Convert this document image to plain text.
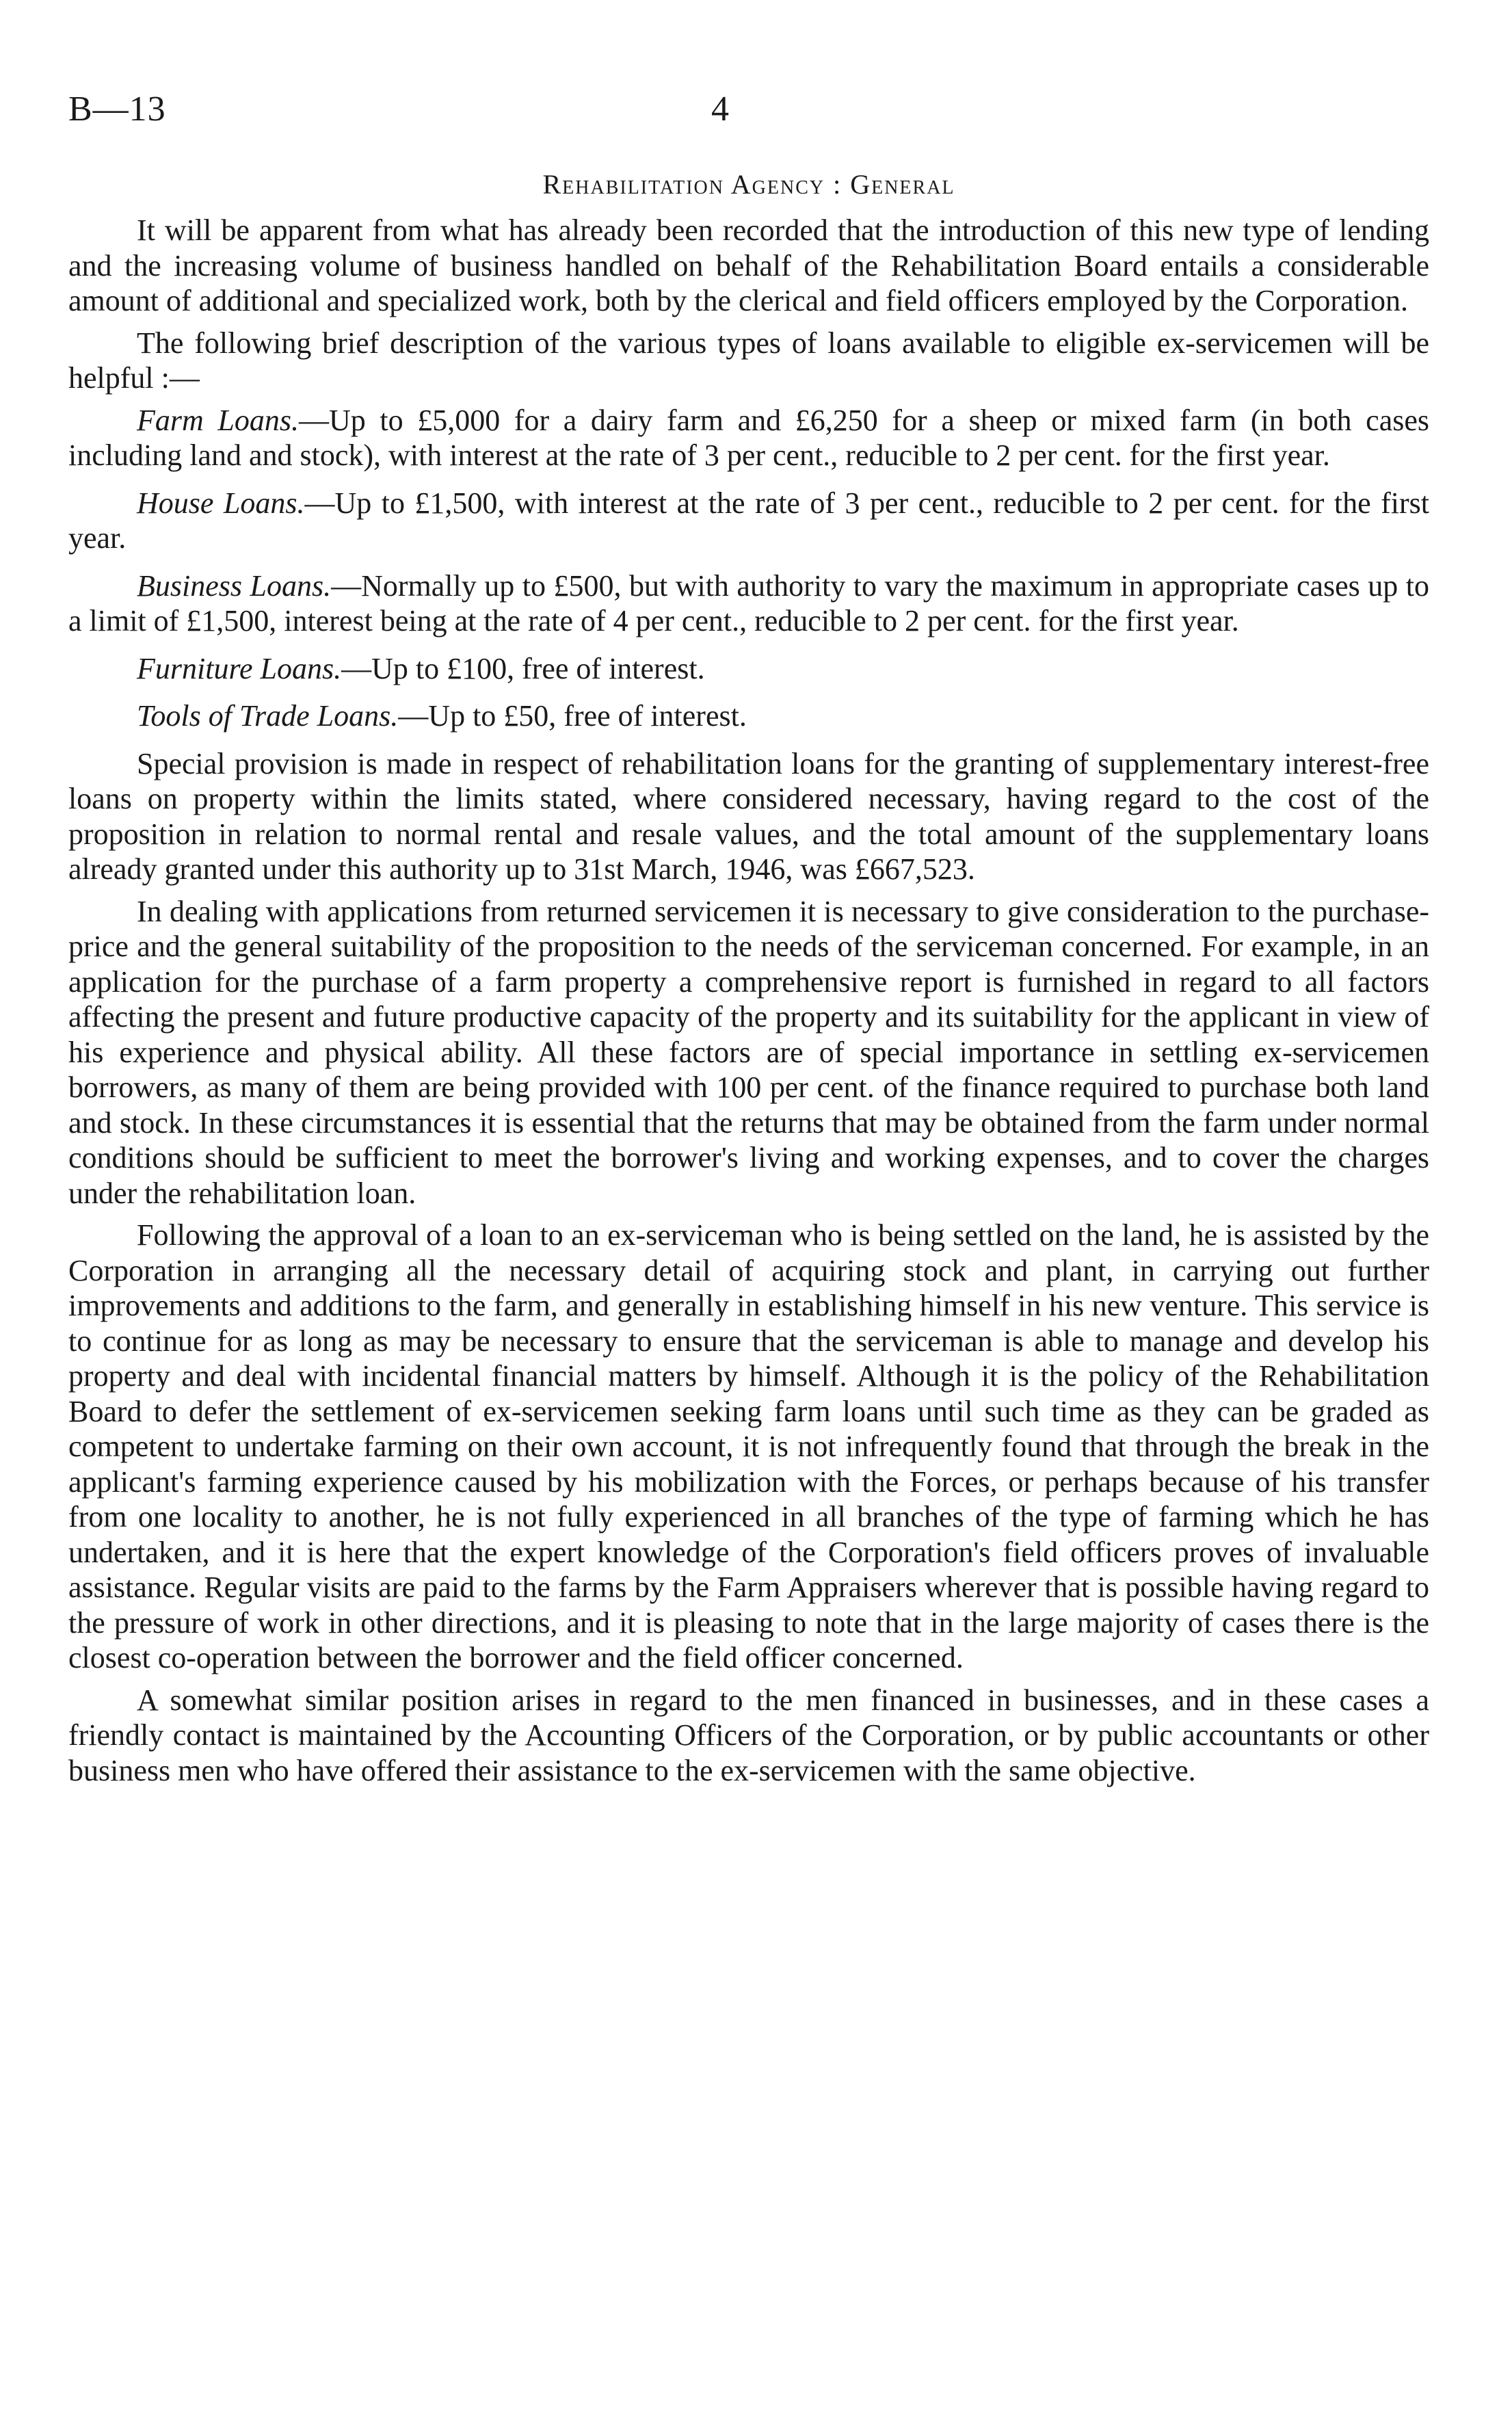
B—13	4
Rehabilitation Agency : General

It will be apparent from what has already been recorded that the introduction of this new type of lending and the increasing volume of business handled on behalf of the Rehabilitation Board entails a considerable amount of additional and specialized work, both by the clerical and field officers employed by the Corporation.

The following brief description of the various types of loans available to eligible ex-servicemen will be helpful :—

Farm Loans.—Up to £5,000 for a dairy farm and £6,250 for a sheep or mixed farm (in both cases including land and stock), with interest at the rate of 3 per cent., reducible to 2 per cent. for the first year.

House Loans.—Up to £1,500, with interest at the rate of 3 per cent., reducible to 2 per cent. for the first year.

Business Loans.—Normally up to £500, but with authority to vary the maximum in appropriate cases up to a limit of £1,500, interest being at the rate of 4 per cent., reducible to 2 per cent. for the first year.

Furniture Loans.—Up to £100, free of interest.

Tools of Trade Loans.—Up to £50, free of interest.

Special provision is made in respect of rehabilitation loans for the granting of supplementary interest-free loans on property within the limits stated, where considered necessary, having regard to the cost of the proposition in relation to normal rental and resale values, and the total amount of the supplementary loans already granted under this authority up to 31st March, 1946, was £667,523.

In dealing with applications from returned servicemen it is necessary to give consideration to the purchase-price and the general suitability of the proposition to the needs of the serviceman concerned. For example, in an application for the purchase of a farm property a comprehensive report is furnished in regard to all factors affecting the present and future productive capacity of the property and its suitability for the applicant in view of his experience and physical ability. All these factors are of special importance in settling ex-servicemen borrowers, as many of them are being provided with 100 per cent. of the finance required to purchase both land and stock. In these circumstances it is essential that the returns that may be obtained from the farm under normal conditions should be sufficient to meet the borrower's living and working expenses, and to cover the charges under the rehabilitation loan.

Following the approval of a loan to an ex-serviceman who is being settled on the land, he is assisted by the Corporation in arranging all the necessary detail of acquiring stock and plant, in carrying out further improvements and additions to the farm, and generally in establishing himself in his new venture. This service is to continue for as long as may be necessary to ensure that the serviceman is able to manage and develop his property and deal with incidental financial matters by himself. Although it is the policy of the Rehabilitation Board to defer the settlement of ex-servicemen seeking farm loans until such time as they can be graded as competent to undertake farming on their own account, it is not infrequently found that through the break in the applicant's farming experience caused by his mobilization with the Forces, or perhaps because of his transfer from one locality to another, he is not fully experienced in all branches of the type of farming which he has undertaken, and it is here that the expert knowledge of the Corporation's field officers proves of invaluable assistance. Regular visits are paid to the farms by the Farm Appraisers wherever that is possible having regard to the pressure of work in other directions, and it is pleasing to note that in the large majority of cases there is the closest co-operation between the borrower and the field officer concerned.

A somewhat similar position arises in regard to the men financed in businesses, and in these cases a friendly contact is maintained by the Accounting Officers of the Corporation, or by public accountants or other business men who have offered their assistance to the ex-servicemen with the same objective.
